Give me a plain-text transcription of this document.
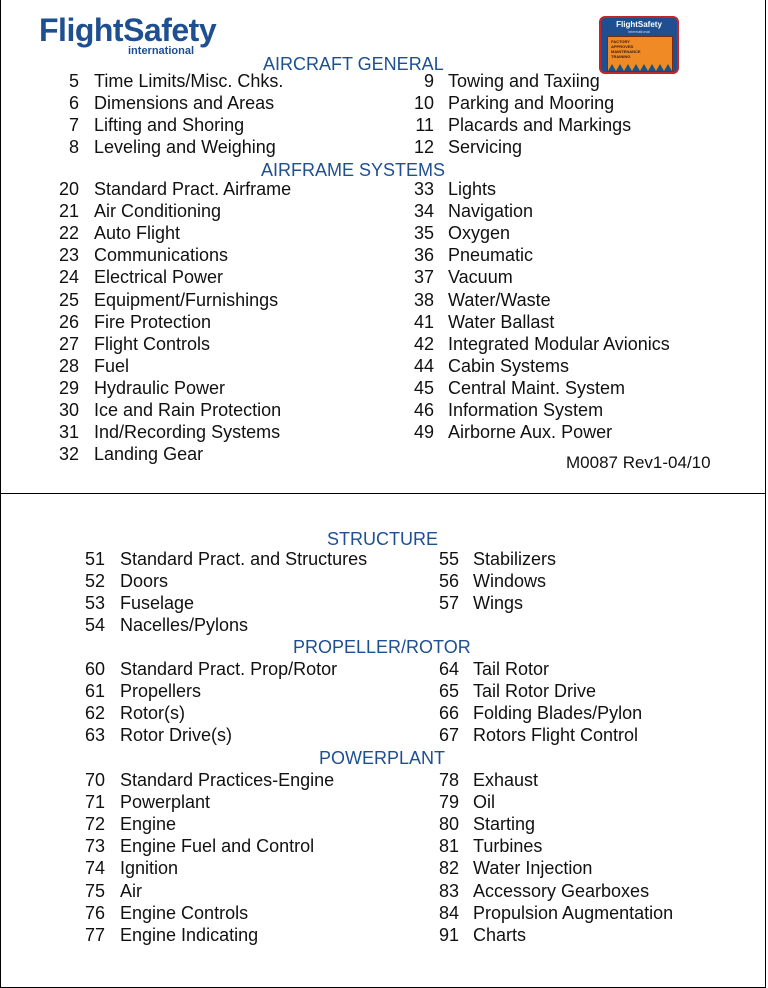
FlightSafety
international
FlightSafety
international
FACTORY
APPROVED
MAINTENANCE
TRAINING
AIRCRAFT GENERAL
5 Time Limits/Misc. Chks.
6 Dimensions and Areas
7 Lifting and Shoring
8 Leveling and Weighing
9 Towing and Taxiing
10 Parking and Mooring
11 Placards and Markings
12 Servicing
AIRFRAME SYSTEMS
20 Standard Pract. Airframe
21 Air Conditioning
22 Auto Flight
23 Communications
24 Electrical Power
25 Equipment/Furnishings
26 Fire Protection
27 Flight Controls
28 Fuel
29 Hydraulic Power
30 Ice and Rain Protection
31 Ind/Recording Systems
32 Landing Gear
33 Lights
34 Navigation
35 Oxygen
36 Pneumatic
37 Vacuum
38 Water/Waste
41 Water Ballast
42 Integrated Modular Avionics
44 Cabin Systems
45 Central Maint. System
46 Information System
49 Airborne Aux. Power
M0087 Rev1-04/10
STRUCTURE
51 Standard Pract. and Structures
52 Doors
53 Fuselage
54 Nacelles/Pylons
55 Stabilizers
56 Windows
57 Wings
PROPELLER/ROTOR
60 Standard Pract. Prop/Rotor
61 Propellers
62 Rotor(s)
63 Rotor Drive(s)
64 Tail Rotor
65 Tail Rotor Drive
66 Folding Blades/Pylon
67 Rotors Flight Control
POWERPLANT
70 Standard Practices-Engine
71 Powerplant
72 Engine
73 Engine Fuel and Control
74 Ignition
75 Air
76 Engine Controls
77 Engine Indicating
78 Exhaust
79 Oil
80 Starting
81 Turbines
82 Water Injection
83 Accessory Gearboxes
84 Propulsion Augmentation
91 Charts
